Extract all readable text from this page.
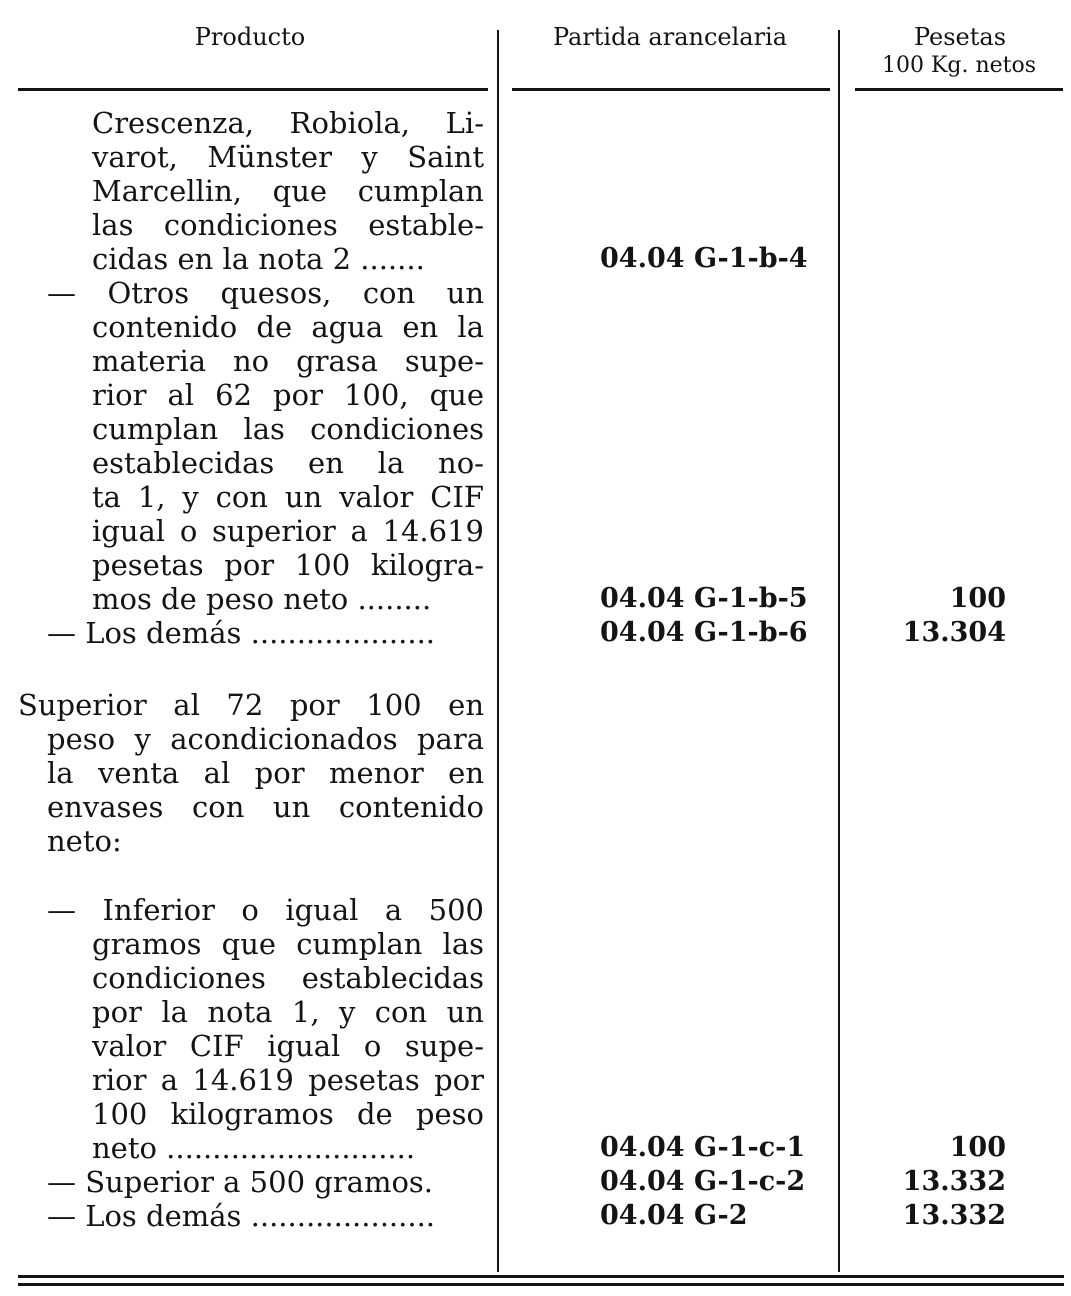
Producto	Partida arancelaria	Pesetas
100 Kg. netos
Crescenza, Robiola, Li-
varot, Münster y Saint
Marcellin, que cumplan
las condiciones estable-
cidas en la nota 2 .......	04.04 G-1-b-4
— Otros quesos, con un
contenido de agua en la
materia no grasa supe-
rior al 62 por 100, que
cumplan las condiciones
establecidas en la no-
ta 1, y con un valor CIF
igual o superior a 14.619
pesetas por 100 kilogra-
mos de peso neto ........	04.04 G-1-b-5	100
— Los demás ....................	04.04 G-1-b-6	13.304
Superior al 72 por 100 en
peso y acondicionados para
la venta al por menor en
envases con un contenido
neto:
— Inferior o igual a 500
gramos que cumplan las
condiciones establecidas
por la nota 1, y con un
valor CIF igual o supe-
rior a 14.619 pesetas por
100 kilogramos de peso
neto ...........................	04.04 G-1-c-1	100
— Superior a 500 gramos.	04.04 G-1-c-2	13.332
— Los demás ....................	04.04 G-2	13.332
